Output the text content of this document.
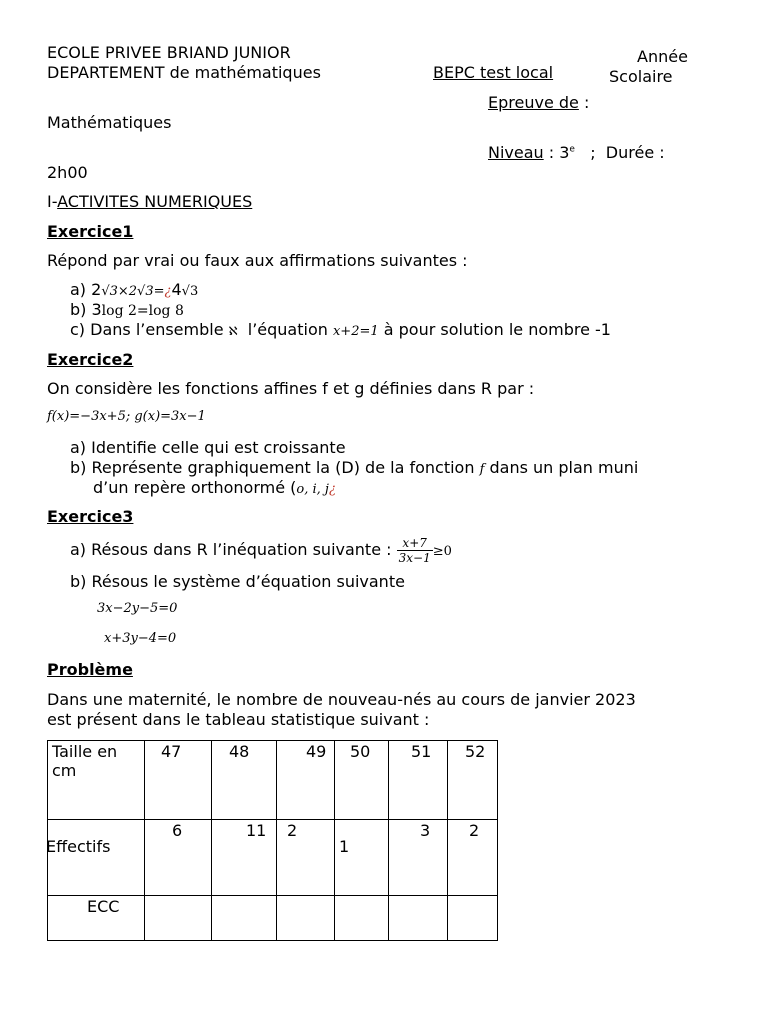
ECOLE PRIVEE BRIAND JUNIOR
DEPARTEMENT de mathématiques	BEPC test local
Année
Scolaire
Epreuve de :
Mathématiques
Niveau : 3e   ;  Durée :
2h00
I-ACTIVITES NUMERIQUES
Exercice1
Répond par vrai ou faux aux affirmations suivantes :
a) 2√3×2√3=¿4√3
b) 3log 2=log 8
c) Dans l’ensemble ℵ  l’équation x+2=1 à pour solution le nombre -1
Exercice2
On considère les fonctions affines f et g définies dans R par :
f(x)=−3x+5; g(x)=3x−1
a) Identifie celle qui est croissante
b) Représente graphiquement la (D) de la fonction f dans un plan muni
d’un repère orthonormé (o, i, j¿
Exercice3
a) Résous dans R l’inéquation suivante : $\frac{x+7}{3x-1} \ge 0$
b) Résous le système d’équation suivante
3x−2y−5=0
x+3y−4=0
Problème
Dans une maternité, le nombre de nouveau-nés au cours de janvier 2023
est présent dans le tableau statistique suivant :
Taille en
cm	47	48	49	50	51	52

Effectifs	6	11	2	1	3	2

ECC						
